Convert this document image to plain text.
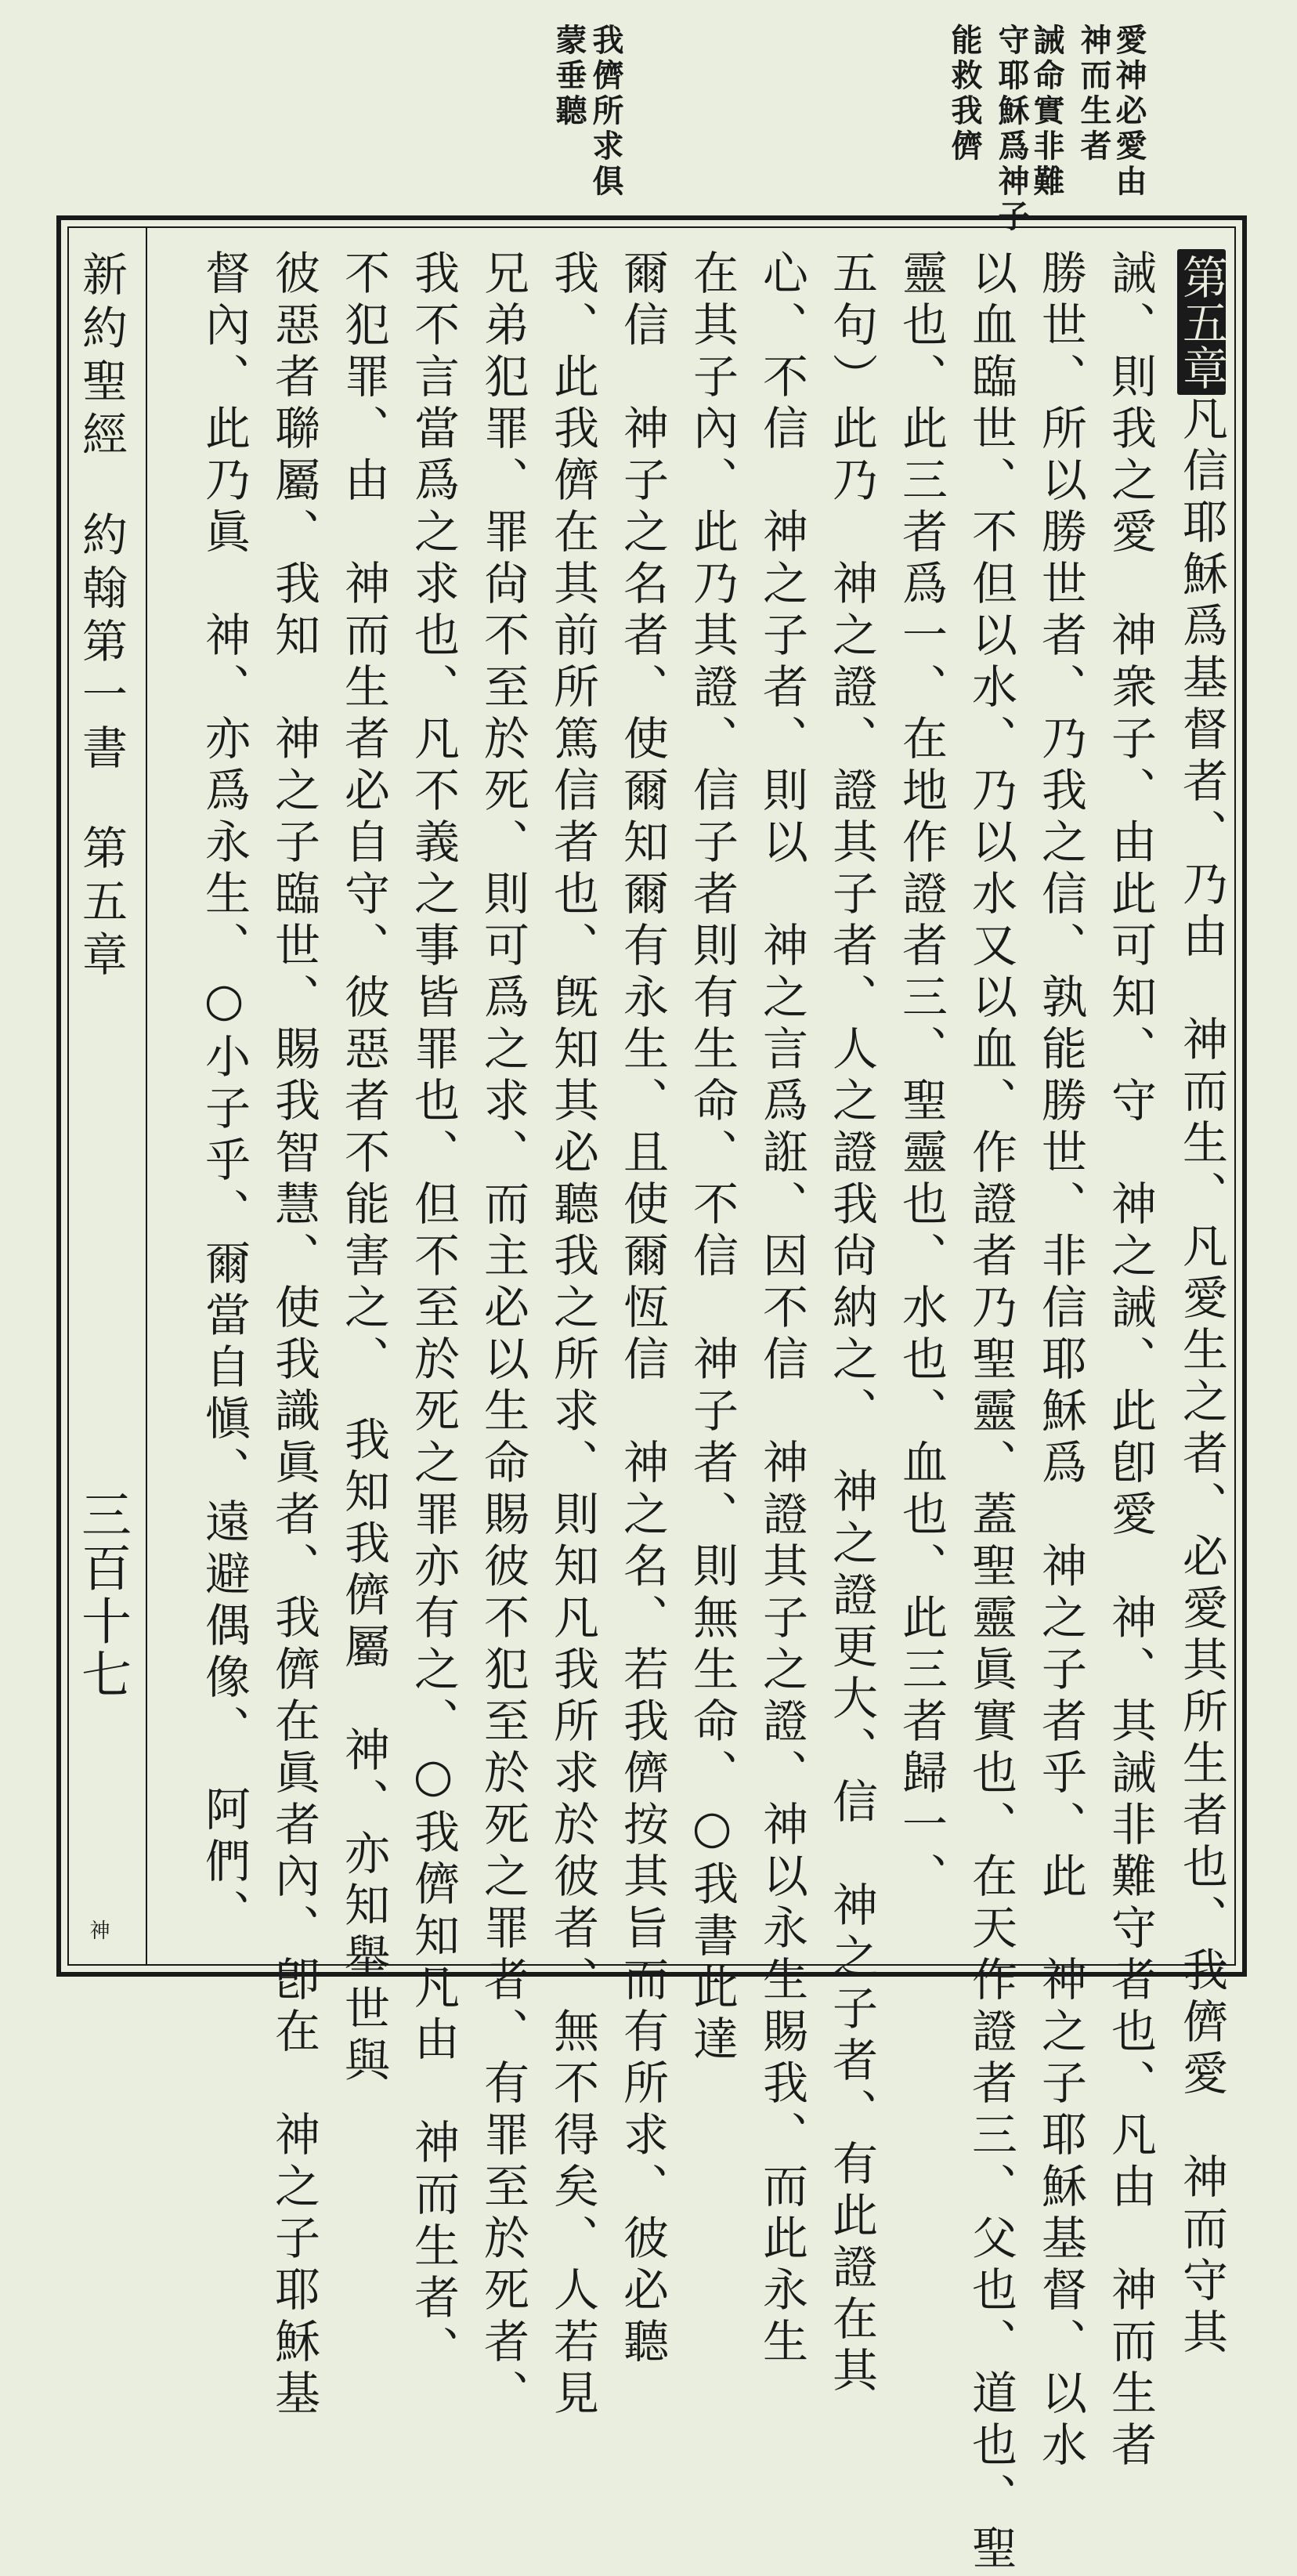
愛神必愛由
神而生者
誡命實非難
守耶穌爲神子
能救我儕
我儕所求俱
蒙垂聽
新約聖經約翰第一書第五章
三百十七
神
第五章凡信耶穌爲基督者、乃由　神而生、凡愛生之者、必愛其所生者也、我儕愛　神而守其
誡、則我之愛　神衆子、由此可知、守　神之誡、此卽愛　神、其誡非難守者也、凡由　神而生者
勝世、所以勝世者、乃我之信、孰能勝世、非信耶穌爲　神之子者乎、此　神之子耶穌基督、以水
以血臨世、不但以水、乃以水又以血、作證者乃聖靈、蓋聖靈眞實也、在天作證者三、父也、道也、聖
靈也、此三者爲一、在地作證者三、聖靈也、水也、血也、此三者歸一、
五句）此乃　神之證、證其子者、人之證我尙納之、　神之證更大、信　神之子者、有此證在其
心、不信　神之子者、則以　神之言爲誑、因不信　神證其子之證、神以永生賜我、而此永生
在其子內、此乃其證、信子者則有生命、不信　神子者、則無生命、○我書此達
爾信　神子之名者、使爾知爾有永生、且使爾恆信　神之名、若我儕按其旨而有所求、彼必聽
我、此我儕在其前所篤信者也、旣知其必聽我之所求、則知凡我所求於彼者、無不得矣、人若見
兄弟犯罪、罪尙不至於死、則可爲之求、而主必以生命賜彼不犯至於死之罪者、有罪至於死者、
我不言當爲之求也、凡不義之事皆罪也、但不至於死之罪亦有之、○我儕知凡由　神而生者、
不犯罪、由　神而生者必自守、彼惡者不能害之、　我知我儕屬　神、亦知舉世與
彼惡者聯屬、我知　神之子臨世、賜我智慧、使我識眞者、我儕在眞者內、卽在　神之子耶穌基
督內、此乃眞　神、亦爲永生、○小子乎、爾當自愼、遠避偶像、　阿們、
